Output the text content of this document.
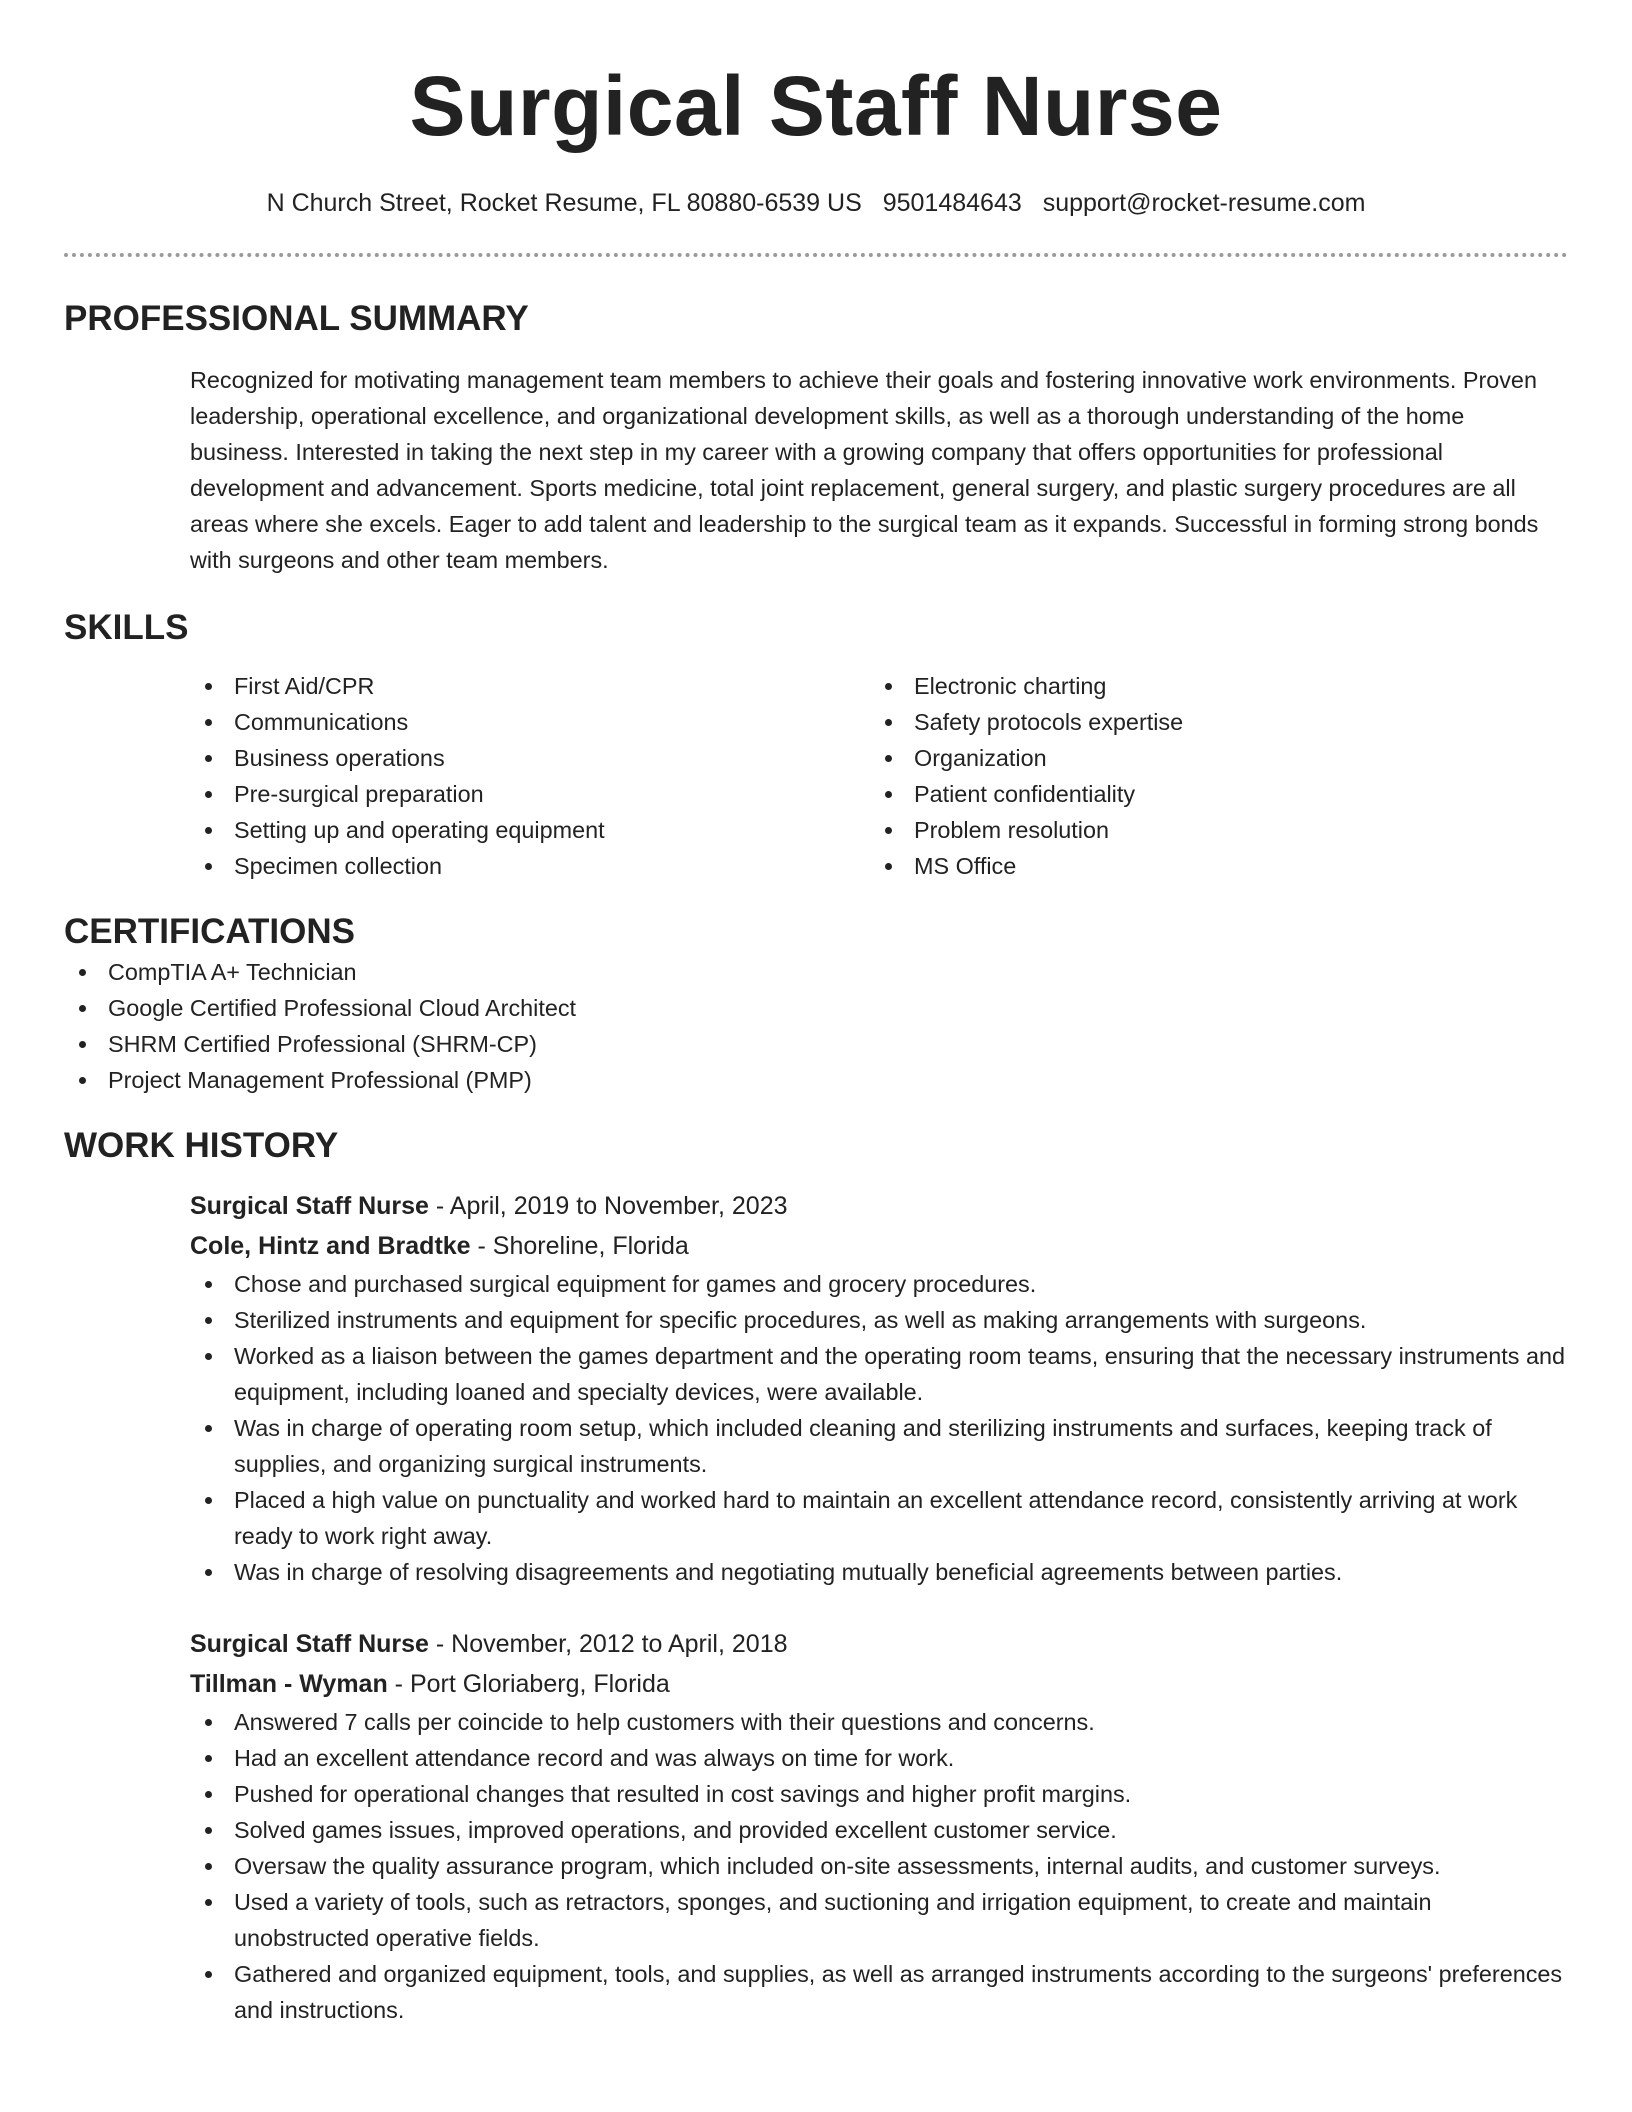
Surgical Staff Nurse
N Church Street, Rocket Resume, FL 80880-6539 US 9501484643 support@rocket-resume.com
PROFESSIONAL SUMMARY

Recognized for motivating management team members to achieve their goals and fostering innovative work environments. Proven leadership, operational excellence, and organizational development skills, as well as a thorough understanding of the home business. Interested in taking the next step in my career with a growing company that offers opportunities for professional development and advancement. Sports medicine, total joint replacement, general surgery, and plastic surgery procedures are all areas where she excels. Eager to add talent and leadership to the surgical team as it expands. Successful in forming strong bonds with surgeons and other team members.

SKILLS
First Aid/CPR
Communications
Business operations
Pre-surgical preparation
Setting up and operating equipment
Specimen collection
Electronic charting
Safety protocols expertise
Organization
Patient confidentiality
Problem resolution
MS Office
CERTIFICATIONS
CompTIA A+ Technician
Google Certified Professional Cloud Architect
SHRM Certified Professional (SHRM-CP)
Project Management Professional (PMP)
WORK HISTORY
Surgical Staff Nurse - April, 2019 to November, 2023
Cole, Hintz and Bradtke - Shoreline, Florida
Chose and purchased surgical equipment for games and grocery procedures.
Sterilized instruments and equipment for specific procedures, as well as making arrangements with surgeons.
Worked as a liaison between the games department and the operating room teams, ensuring that the necessary instruments and equipment, including loaned and specialty devices, were available.
Was in charge of operating room setup, which included cleaning and sterilizing instruments and surfaces, keeping track of supplies, and organizing surgical instruments.
Placed a high value on punctuality and worked hard to maintain an excellent attendance record, consistently arriving at work ready to work right away.
Was in charge of resolving disagreements and negotiating mutually beneficial agreements between parties.
Surgical Staff Nurse - November, 2012 to April, 2018
Tillman - Wyman - Port Gloriaberg, Florida
Answered 7 calls per coincide to help customers with their questions and concerns.
Had an excellent attendance record and was always on time for work.
Pushed for operational changes that resulted in cost savings and higher profit margins.
Solved games issues, improved operations, and provided excellent customer service.
Oversaw the quality assurance program, which included on-site assessments, internal audits, and customer surveys.
Used a variety of tools, such as retractors, sponges, and suctioning and irrigation equipment, to create and maintain unobstructed operative fields.
Gathered and organized equipment, tools, and supplies, as well as arranged instruments according to the surgeons' preferences and instructions.
